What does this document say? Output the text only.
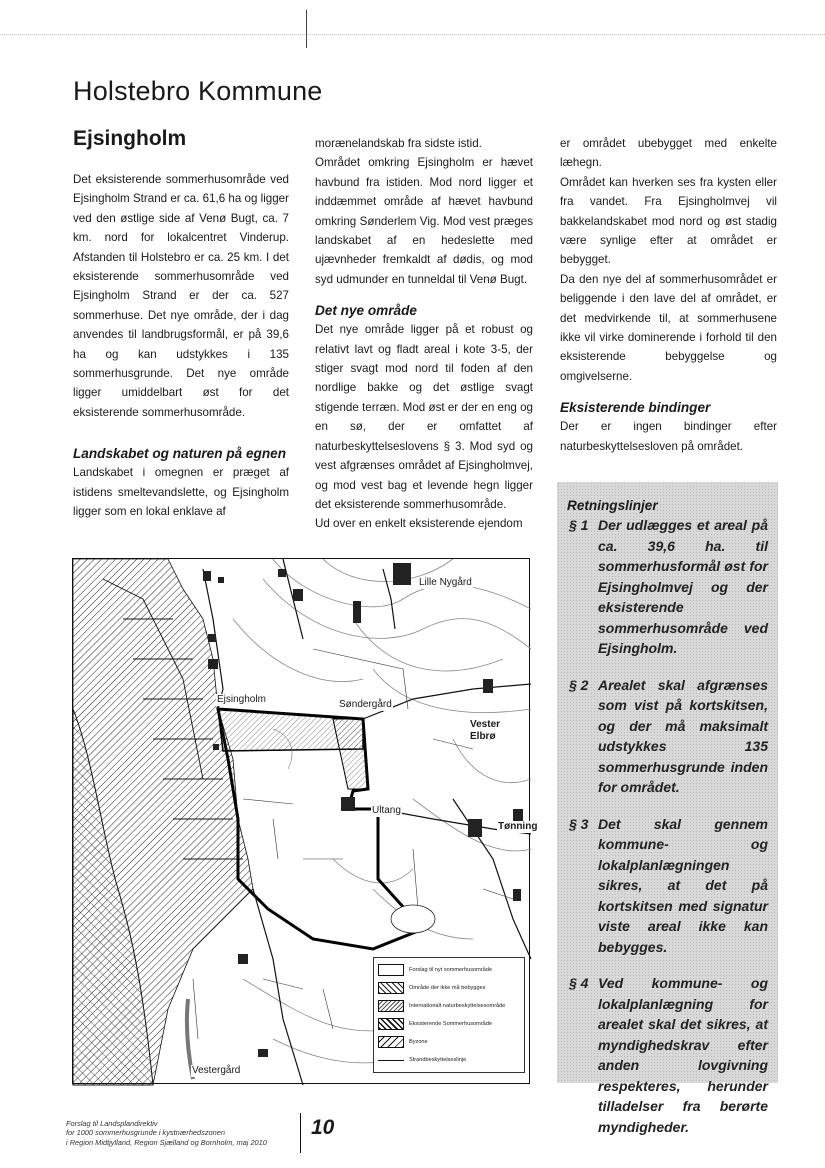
Holstebro Kommune
Ejsingholm

Det eksisterende sommerhusområde ved Ejsingholm Strand er ca. 61,6 ha og ligger ved den østlige side af Venø Bugt, ca. 7 km. nord for lokalcentret Vinderup. Afstanden til Holstebro er ca. 25 km. I det eksisterende sommerhusområde ved Ejsingholm Strand er der ca. 527 sommerhuse. Det nye område, der i dag anvendes til landbrugsformål, er på 39,6 ha og kan udstykkes i 135 sommerhusgrunde. Det nye område ligger umiddelbart øst for det eksisterende sommerhusområde.

Landskabet og naturen på egnen

Landskabet i omegnen er præget af istidens smeltevandslette, og Ejsingholm ligger som en lokal enklave af

morænelandskab fra sidste istid.

Området omkring Ejsingholm er hævet havbund fra istiden. Mod nord ligger et inddæmmet område af hævet havbund omkring Sønderlem Vig. Mod vest præges landskabet af en hedeslette med ujævnheder fremkaldt af dødis, og mod syd udmunder en tunneldal til Venø Bugt.

Det nye område

Det nye område ligger på et robust og relativt lavt og fladt areal i kote 3-5, der stiger svagt mod nord til foden af den nordlige bakke og det østlige svagt stigende terræn. Mod øst er der en eng og en sø, der er omfattet af naturbeskyttelseslovens § 3. Mod syd og vest afgrænses området af Ejsingholmvej, og mod vest bag et levende hegn ligger det eksisterende sommerhusområde.

Ud over en enkelt eksisterende ejendom

er området ubebygget med enkelte læhegn.

Området kan hverken ses fra kysten eller fra vandet. Fra Ejsingholmvej vil bakkelandskabet mod nord og øst stadig være synlige efter at området er bebygget.

Da den nye del af sommerhusområdet er beliggende i den lave del af området, er det medvirkende til, at sommerhusene ikke vil virke dominerende i forhold til den eksisterende bebyggelse og omgivelserne.

Eksisterende bindinger

Der er ingen bindinger efter naturbeskyttelsesloven på området.

Retningslinjer
§ 1 Der udlægges et areal på ca. 39,6 ha. til sommerhusformål øst for Ejsingholmvej og der eksisterende sommerhusområde ved Ejsingholm.
§ 2 Arealet skal afgrænses som vist på kortskitsen, og der må maksimalt udstykkes 135 sommerhusgrunde inden for området.
§ 3 Det skal gennem kommune- og lokalplanlægningen sikres, at det på kortskitsen med signatur viste areal ikke kan bebygges.
§ 4 Ved kommune- og lokalplanlægning for arealet skal det sikres, at myndighedskrav efter anden lovgivning respekteres, herunder tilladelser fra berørte myndigheder.
Lille Nygård
Ejsingholm	Søndergård
Vester Elbrø
Ultang
Tønning
Vestergård
Forslag til nyt sommerhusområde
Område der ikke må bebygges
Internationalt naturbeskyttelsesområde
Eksisterende Sommerhusområde
Byzone
Strandbeskyttelseslinje
Forslag til Landsplandirektiv
for 1000 sommerhusgrunde i kystnærhedszonen
i Region Midtjylland, Region Sjælland og Bornholm, maj 2010
10
